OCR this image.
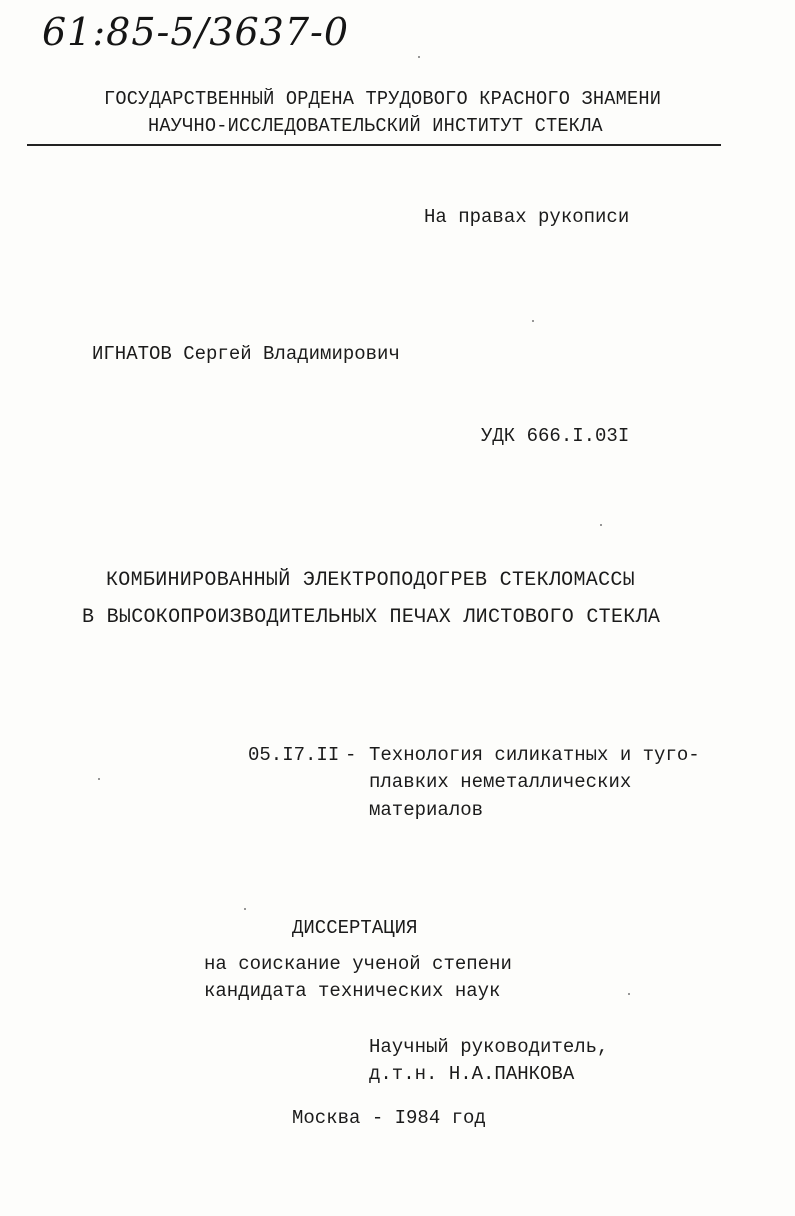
61:85-5/3637-0
ГОСУДАРСТВЕННЫЙ ОРДЕНА ТРУДОВОГО КРАСНОГО ЗНАМЕНИ
НАУЧНО-ИССЛЕДОВАТЕЛЬСКИЙ ИНСТИТУТ СТЕКЛА
На правах рукописи
ИГНАТОВ Сергей Владимирович
УДК 666.I.03I
КОМБИНИРОВАННЫЙ ЭЛЕКТРОПОДОГРЕВ СТЕКЛОМАССЫ
В ВЫСОКОПРОИЗВОДИТЕЛЬНЫХ ПЕЧАХ ЛИСТОВОГО СТЕКЛА
05.I7.II - Технология силикатных и туго-
плавких неметаллических
материалов
ДИССЕРТАЦИЯ
на соискание ученой степени
кандидата технических наук
Научный руководитель,
д.т.н. Н.А.ПАНКОВА
Москва - I984 год
